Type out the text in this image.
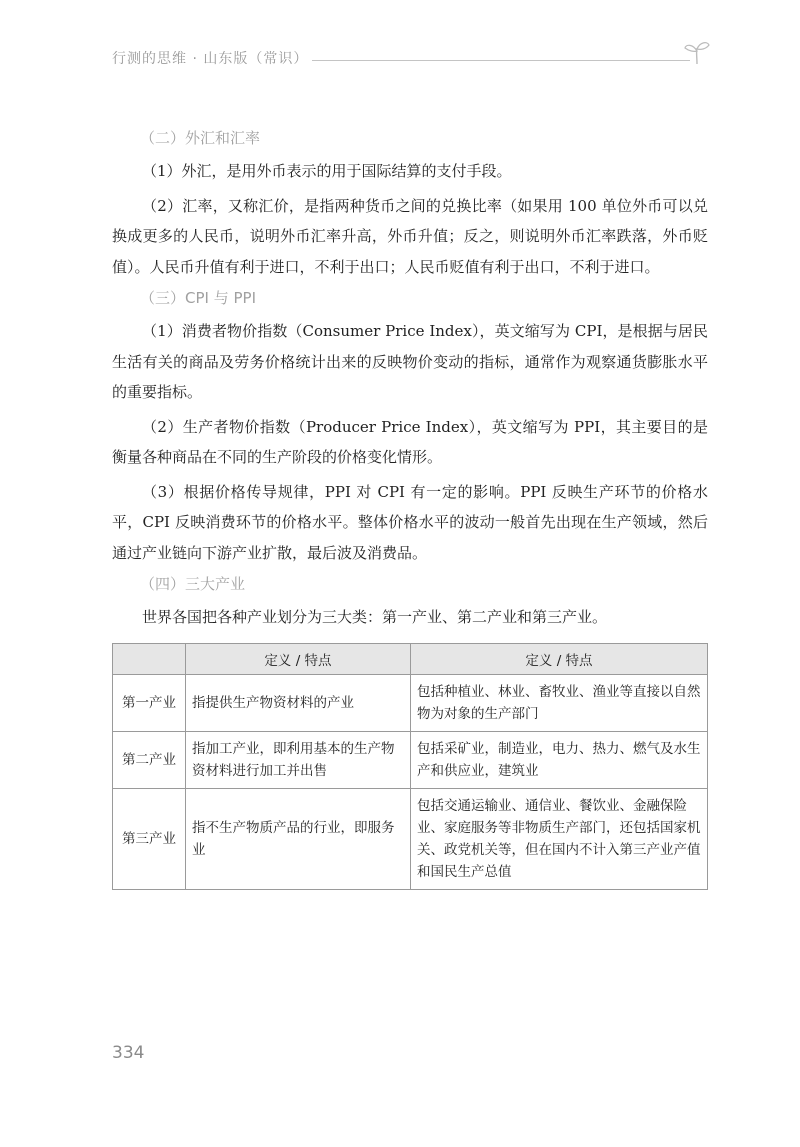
行测的思维 · 山东版（常识）
（二）外汇和汇率

（1）外汇，是用外币表示的用于国际结算的支付手段。

（2）汇率，又称汇价，是指两种货币之间的兑换比率（如果用 100 单位外币可以兑换成更多的人民币，说明外币汇率升高，外币升值；反之，则说明外币汇率跌落，外币贬值）。人民币升值有利于进口，不利于出口；人民币贬值有利于出口，不利于进口。

（三）CPI 与 PPI

（1）消费者物价指数（Consumer Price Index），英文缩写为 CPI，是根据与居民生活有关的商品及劳务价格统计出来的反映物价变动的指标，通常作为观察通货膨胀水平的重要指标。

（2）生产者物价指数（Producer Price Index），英文缩写为 PPI，其主要目的是衡量各种商品在不同的生产阶段的价格变化情形。

（3）根据价格传导规律，PPI 对 CPI 有一定的影响。PPI 反映生产环节的价格水平，CPI 反映消费环节的价格水平。整体价格水平的波动一般首先出现在生产领域，然后通过产业链向下游产业扩散，最后波及消费品。

（四）三大产业

世界各国把各种产业划分为三大类：第一产业、第二产业和第三产业。

	定义 / 特点	定义 / 特点
第一产业	指提供生产物资材料的产业	包括种植业、林业、畜牧业、渔业等直接以自然物为对象的生产部门
第二产业	指加工产业，即利用基本的生产物资材料进行加工并出售	包括采矿业，制造业，电力、热力、燃气及水生产和供应业，建筑业
第三产业	指不生产物质产品的行业，即服务业	包括交通运输业、通信业、餐饮业、金融保险业、家庭服务等非物质生产部门，还包括国家机关、政党机关等，但在国内不计入第三产业产值和国民生产总值
334
